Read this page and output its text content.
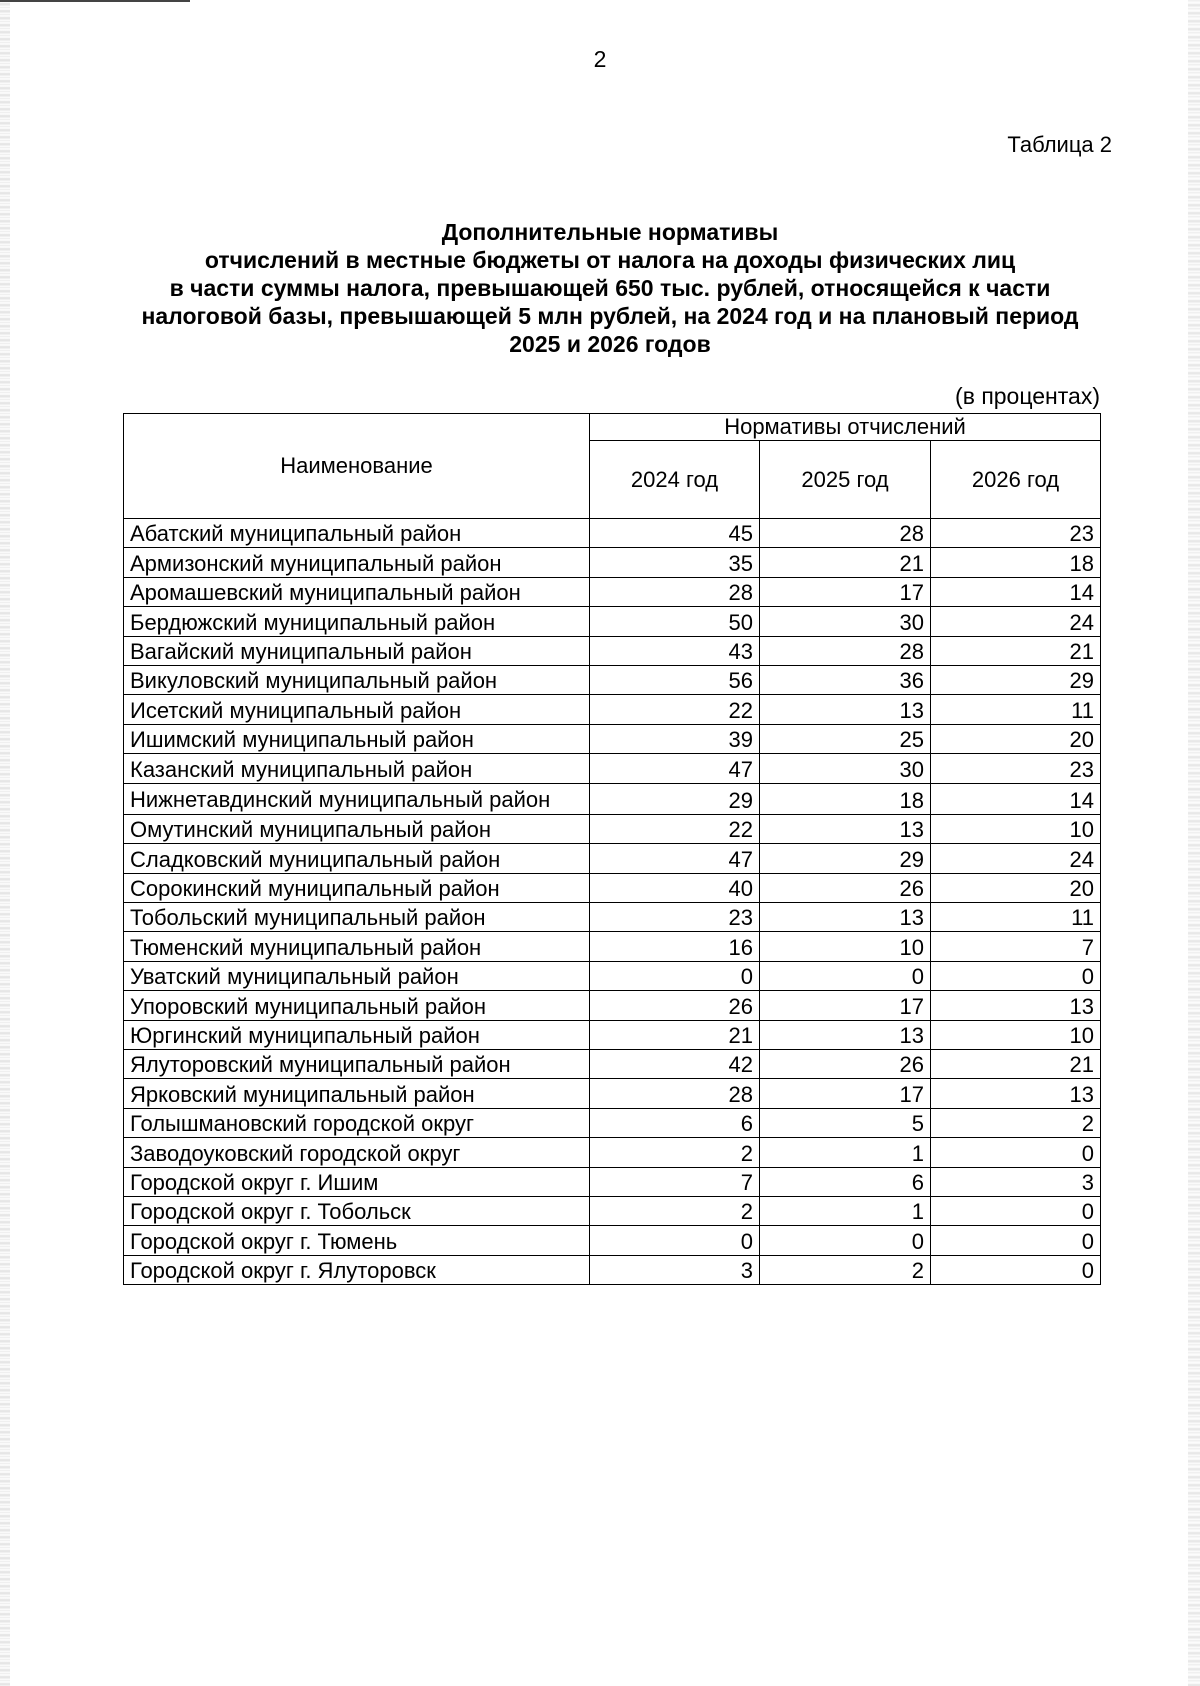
2
Таблица 2
Дополнительные нормативы
отчислений в местные бюджеты от налога на доходы физических лиц
в части суммы налога, превышающей 650 тыс. рублей, относящейся к части
налоговой базы, превышающей 5 млн рублей, на 2024 год и на плановый период
2025 и 2026 годов
(в процентах)
Наименование	Нормативы отчислений		
	2024 год	2025 год	2026 год
Абатский муниципальный район	45	28	23
Армизонский муниципальный район	35	21	18
Аромашевский муниципальный район	28	17	14
Бердюжский муниципальный район	50	30	24
Вагайский муниципальный район	43	28	21
Викуловский муниципальный район	56	36	29
Исетский муниципальный район	22	13	11
Ишимский муниципальный район	39	25	20
Казанский муниципальный район	47	30	23
Нижнетавдинский муниципальный район	29	18	14
Омутинский муниципальный район	22	13	10
Сладковский муниципальный район	47	29	24
Сорокинский муниципальный район	40	26	20
Тобольский муниципальный район	23	13	11
Тюменский муниципальный район	16	10	7
Уватский муниципальный район	0	0	0
Упоровский муниципальный район	26	17	13
Юргинский муниципальный район	21	13	10
Ялуторовский муниципальный район	42	26	21
Ярковский муниципальный район	28	17	13
Голышмановский городской округ	6	5	2
Заводоуковский городской округ	2	1	0
Городской округ г. Ишим	7	6	3
Городской округ г. Тобольск	2	1	0
Городской округ г. Тюмень	0	0	0
Городской округ г. Ялуторовск	3	2	0
